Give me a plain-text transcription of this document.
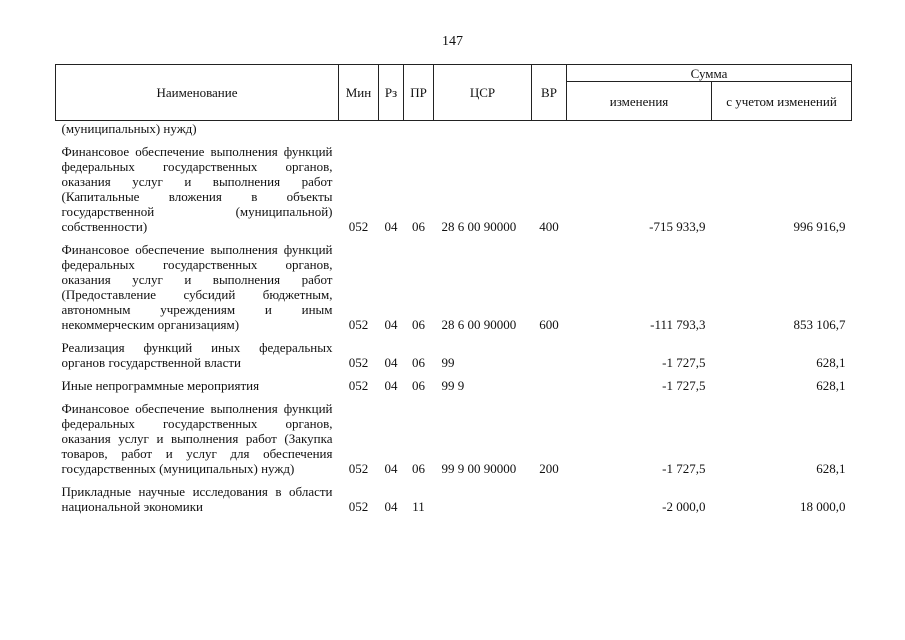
147
Наименование	Мин	Рз	ПР	ЦСР	ВР	Сумма	
						изменения	с учетом изменений
(муниципальных) нужд)							

Финансовое обеспечение выполнения функций федеральных государственных органов, оказания услуг и выполнения работ (Капитальные вложения в объекты государственной (муниципальной) собственности)	052	04	06	28 6 00 90000	400	-715 933,9	996 916,9

Финансовое обеспечение выполнения функций федеральных государственных органов, оказания услуг и выполнения работ (Предоставление субсидий бюджетным, автономным учреждениям и иным некоммерческим организациям)	052	04	06	28 6 00 90000	600	-111 793,3	853 106,7

Реализация функций иных федеральных органов государственной власти	052	04	06	99		-1 727,5	628,1

Иные непрограммные мероприятия	052	04	06	99 9		-1 727,5	628,1

Финансовое обеспечение выполнения функций федеральных государственных органов, оказания услуг и выполнения работ (Закупка товаров, работ и услуг для обеспечения государственных (муниципальных) нужд)	052	04	06	99 9 00 90000	200	-1 727,5	628,1

Прикладные научные исследования в области национальной экономики	052	04	11			-2 000,0	18 000,0
